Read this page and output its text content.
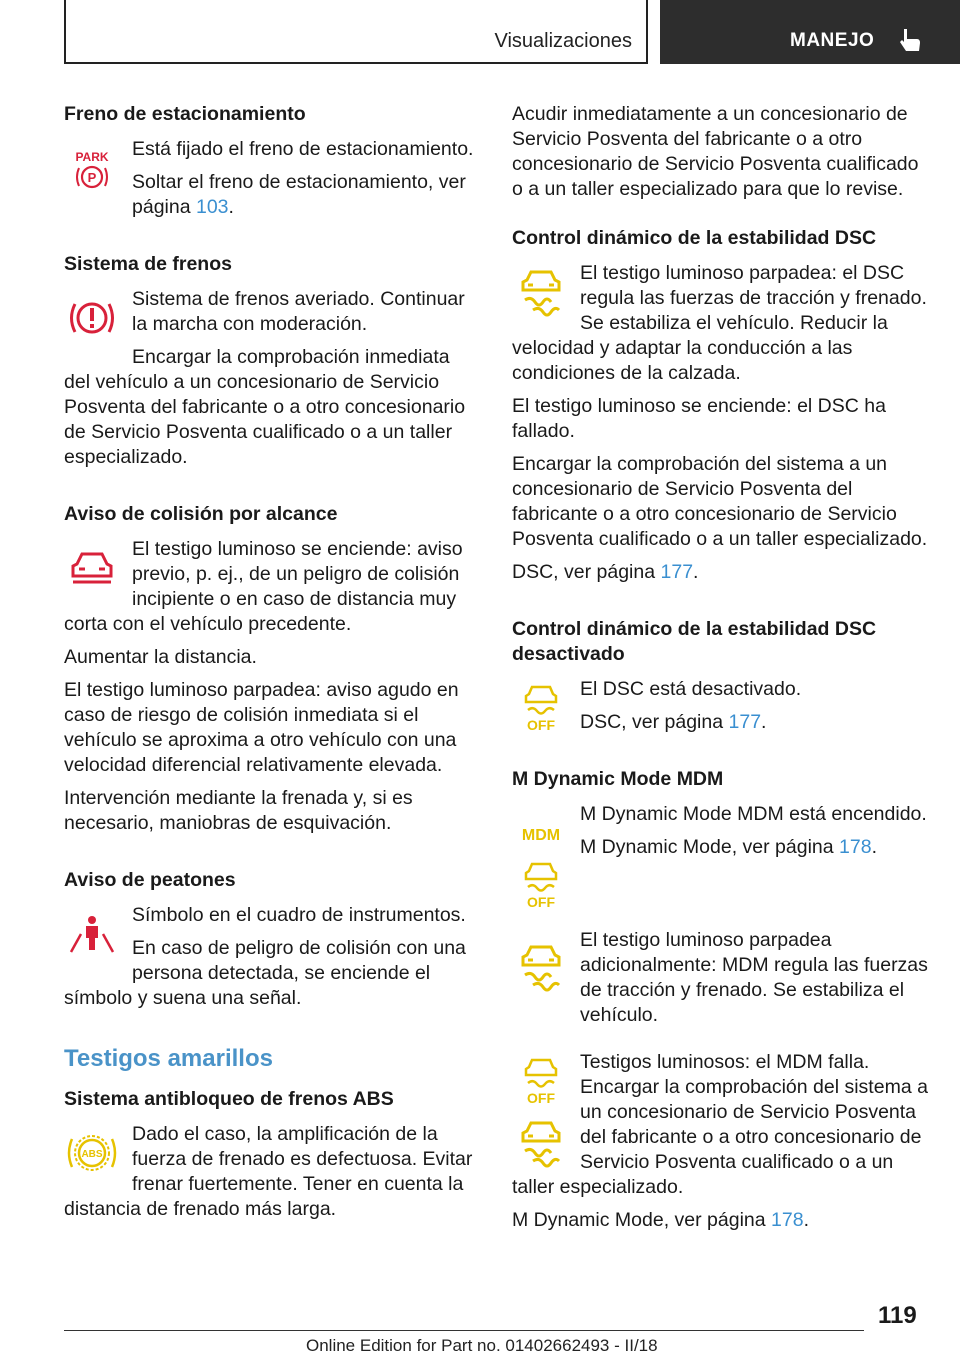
Visualizaciones	MANEJO
Freno de estacionamiento
PARK
P

Está fijado el freno de estacionamiento.

Soltar el freno de estacionamiento, ver página 103.

Sistema de frenos

Sistema de frenos averiado. Continuar la marcha con moderación.

Encargar la comprobación inmediata del vehículo a un concesionario de Servicio Posventa del fabricante o a otro concesionario de Servicio Posventa cualificado o a un taller especializado.

Aviso de colisión por alcance

El testigo luminoso se enciende: aviso previo, p. ej., de un peligro de colisión incipiente o en caso de distancia muy corta con el vehículo precedente.

Aumentar la distancia.

El testigo luminoso parpadea: aviso agudo en caso de riesgo de colisión inmediata si el vehículo se aproxima a otro vehículo con una velocidad diferencial relativamente elevada.

Intervención mediante la frenada y, si es necesario, maniobras de esquivación.

Aviso de peatones

Símbolo en el cuadro de instrumentos.

En caso de peligro de colisión con una persona detectada, se enciende el símbolo y suena una señal.

Testigos amarillos
Sistema antibloqueo de frenos ABS
ABS

Dado el caso, la amplificación de la fuerza de frenado es defectuosa. Evitar frenar fuertemente. Tener en cuenta la distancia de frenado más larga.

Acudir inmediatamente a un concesionario de Servicio Posventa del fabricante o a otro concesionario de Servicio Posventa cualificado o a un taller especializado para que lo revise.

Control dinámico de la estabilidad DSC

El testigo luminoso parpadea: el DSC regula las fuerzas de tracción y frenado. Se estabiliza el vehículo. Reducir la velocidad y adaptar la conducción a las condiciones de la calzada.

El testigo luminoso se enciende: el DSC ha fallado.

Encargar la comprobación del sistema a un concesionario de Servicio Posventa del fabricante o a otro concesionario de Servicio Posventa cualificado o a un taller especializado.

DSC, ver página 177.

Control dinámico de la estabilidad DSC desactivado
OFF

El DSC está desactivado.

DSC, ver página 177.

M Dynamic Mode MDM
MDM
OFF

M Dynamic Mode MDM está encendido.

M Dynamic Mode, ver página 178.

El testigo luminoso parpadea adicionalmente: MDM regula las fuerzas de tracción y frenado. Se estabiliza el vehículo.

OFF

Testigos luminosos: el MDM falla. Encargar la comprobación del sistema a un concesionario de Servicio Posventa del fabricante o a otro concesionario de Servicio Posventa cualificado o a un taller especializado.

M Dynamic Mode, ver página 178.

119
Online Edition for Part no. 01402662493 - II/18
